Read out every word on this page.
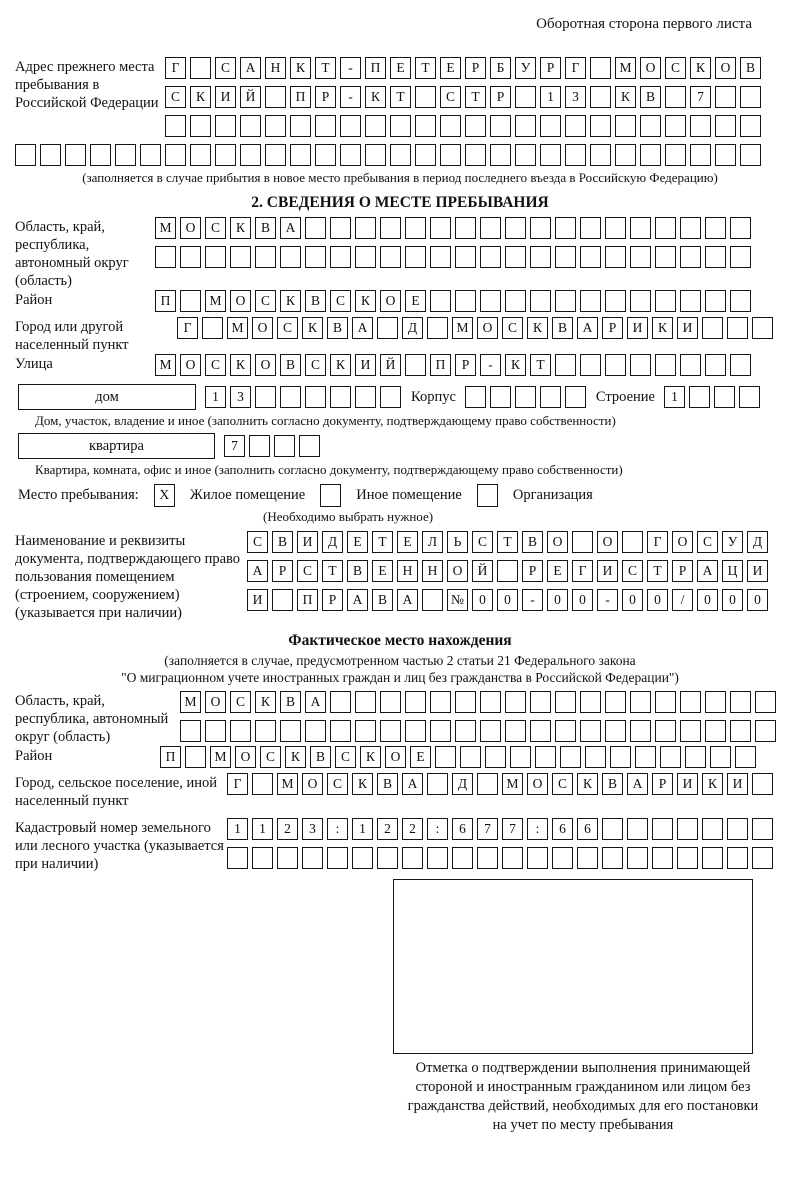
Оборотная сторона первого листа
Адрес прежнего места пребывания в Российской Федерации
Г	С	А	Н	К	Т	-	П	Е	Т	Е	Р	Б	У	Р	Г	М	О	С	К	О	В
С	К	И	Й	П	Р	-	К	Т	С	Т	Р	1	3	К	В	7
(заполняется в случае прибытия в новое место пребывания в период последнего въезда в Российскую Федерацию)
2. СВЕДЕНИЯ О МЕСТЕ ПРЕБЫВАНИЯ
Область, край, республика, автономный округ (область)
М	О	С	К	В	А
Район	П	М	О	С	К	В	С	К	О	Е
Город или другой населенный пункт
Г	М	О	С	К	В	А	Д	М	О	С	К	В	А	Р	И	К	И
Улица	М	О	С	К	О	В	С	К	И	Й	П	Р	-	К	Т
дом	1	3	Корпус	Строение	1
Дом, участок, владение и иное (заполнить согласно документу, подтверждающему право собственности)
квартира	7
Квартира, комната, офис и иное (заполнить согласно документу, подтверждающему право собственности)
Место пребывания:	X	Жилое помещение	Иное помещение	Организация
(Необходимо выбрать нужное)
Наименование и реквизиты документа, подтверждающего право пользования помещением (строением, сооружением) (указывается при наличии)
С	В	И	Д	Е	Т	Е	Л	Ь	С	Т	В	О	О	Г	О	С	У	Д
А	Р	С	Т	В	Е	Н	Н	О	Й	Р	Е	Г	И	С	Т	Р	А	Ц	И
И	П	Р	А	В	А	№	0	0	-	0	0	-	0	0	/	0	0	0
Фактическое место нахождения
(заполняется в случае, предусмотренном частью 2 статьи 21 Федерального закона
"О миграционном учете иностранных граждан и лиц без гражданства в Российской Федерации")
Область, край, республика, автономный округ (область)
М	О	С	К	В	А
Район	П	М	О	С	К	В	С	К	О	Е
Город, сельское поселение, иной населенный пункт
Г	М	О	С	К	В	А	Д	М	О	С	К	В	А	Р	И	К	И
Кадастровый номер земельного или лесного участка (указывается при наличии)
1	1	2	3	:	1	2	2	:	6	7	7	:	6	6
Отметка о подтверждении выполнения принимающей
стороной и иностранным гражданином или лицом без
гражданства действий, необходимых для его постановки
на учет по месту пребывания
